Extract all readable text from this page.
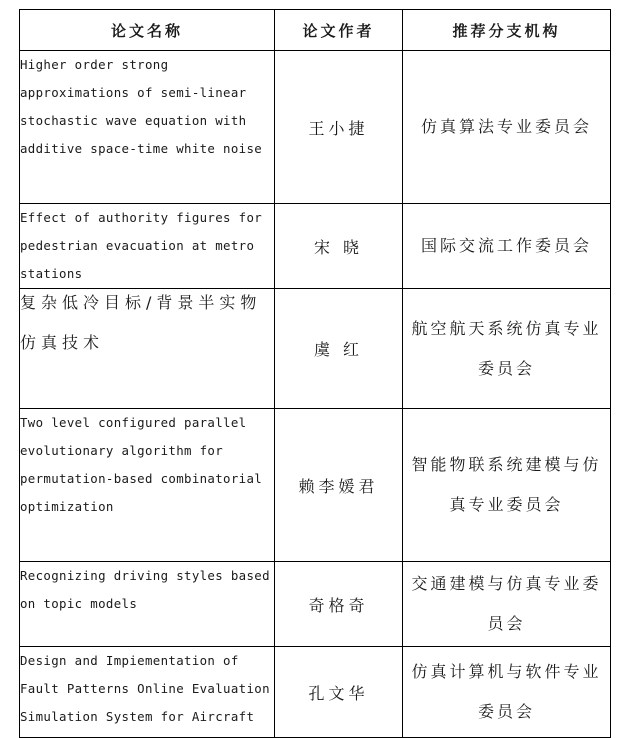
论文名称	论文作者	推荐分支机构

Higher order strong
approximations of semi-linear
stochastic wave equation with
additive space-time white noise	王小捷	仿真算法专业委员会

Effect of authority figures for
pedestrian evacuation at metro
stations	宋 晓	国际交流工作委员会

复杂低冷目标/背景半实物仿真技术	虞 红	航空航天系统仿真专业委员会

Two level configured parallel
evolutionary algorithm for
permutation-based combinatorial
optimization	赖李媛君	智能物联系统建模与仿真专业委员会

Recognizing driving styles based
on topic models	奇格奇	交通建模与仿真专业委员会

Design and Impiementation of
Fault Patterns Online Evaluation
Simulation System for Aircraft	孔文华	仿真计算机与软件专业委员会
